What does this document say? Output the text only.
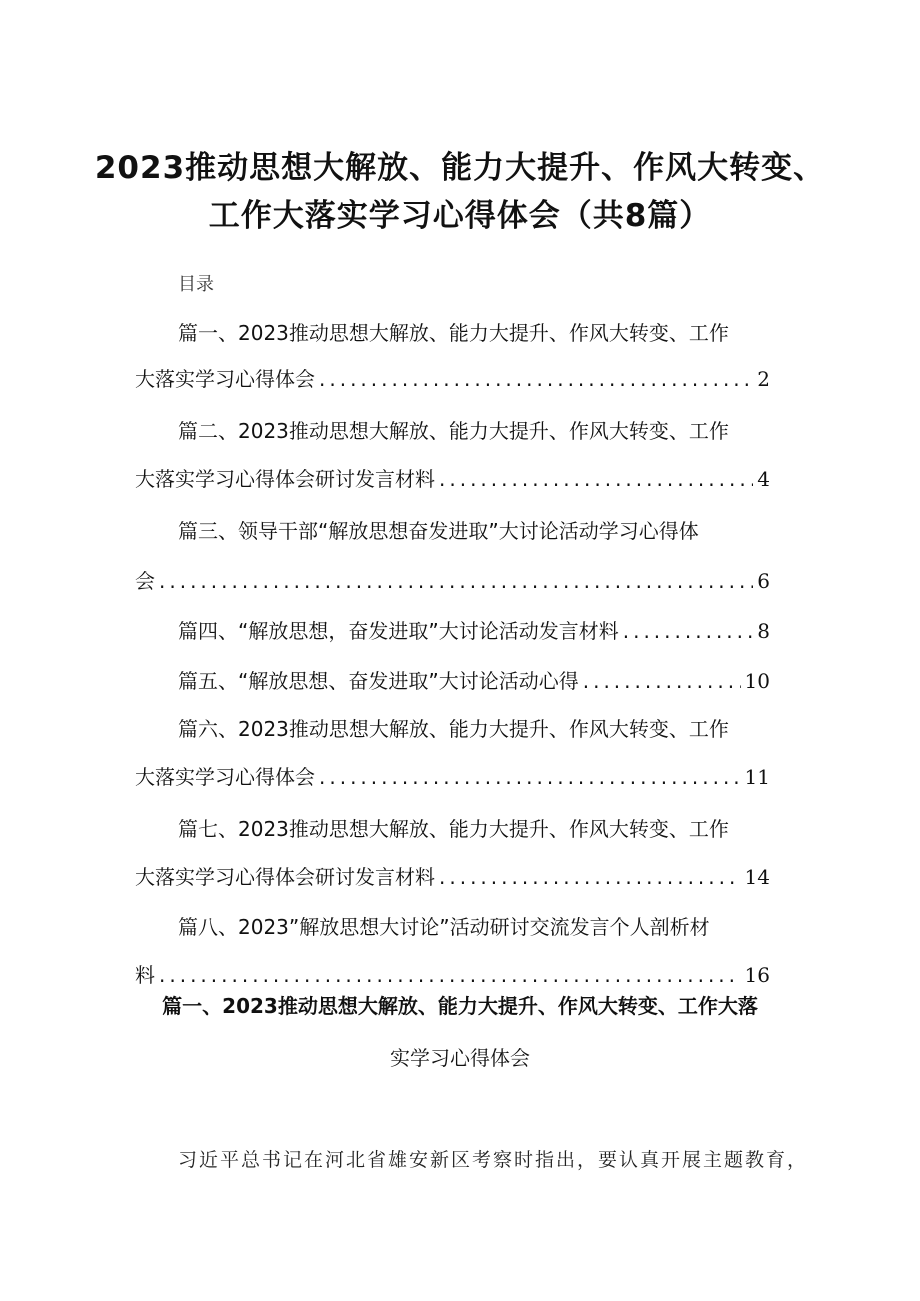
2023推动思想大解放、能力大提升、作风大转变、
工作大落实学习心得体会（共8篇）
目录
篇一、2023推动思想大解放、能力大提升、作风大转变、工作
大落实学习心得体会 .....	2
篇二、2023推动思想大解放、能力大提升、作风大转变、工作
大落实学习心得体会研讨发言材料 .....	4
篇三、领导干部“解放思想奋发进取”大讨论活动学习心得体
会 .....	6
篇四、“解放思想，奋发进取”大讨论活动发言材料 .....	8
篇五、“解放思想、奋发进取”大讨论活动心得 .....	10
篇六、2023推动思想大解放、能力大提升、作风大转变、工作
大落实学习心得体会 .....	11
篇七、2023推动思想大解放、能力大提升、作风大转变、工作
大落实学习心得体会研讨发言材料 .....	14
篇八、2023”解放思想大讨论”活动研讨交流发言个人剖析材
料 .....	16
篇一、2023推动思想大解放、能力大提升、作风大转变、工作大落
实学习心得体会
习近平总书记在河北省雄安新区考察时指出，要认真开展主题教育，
